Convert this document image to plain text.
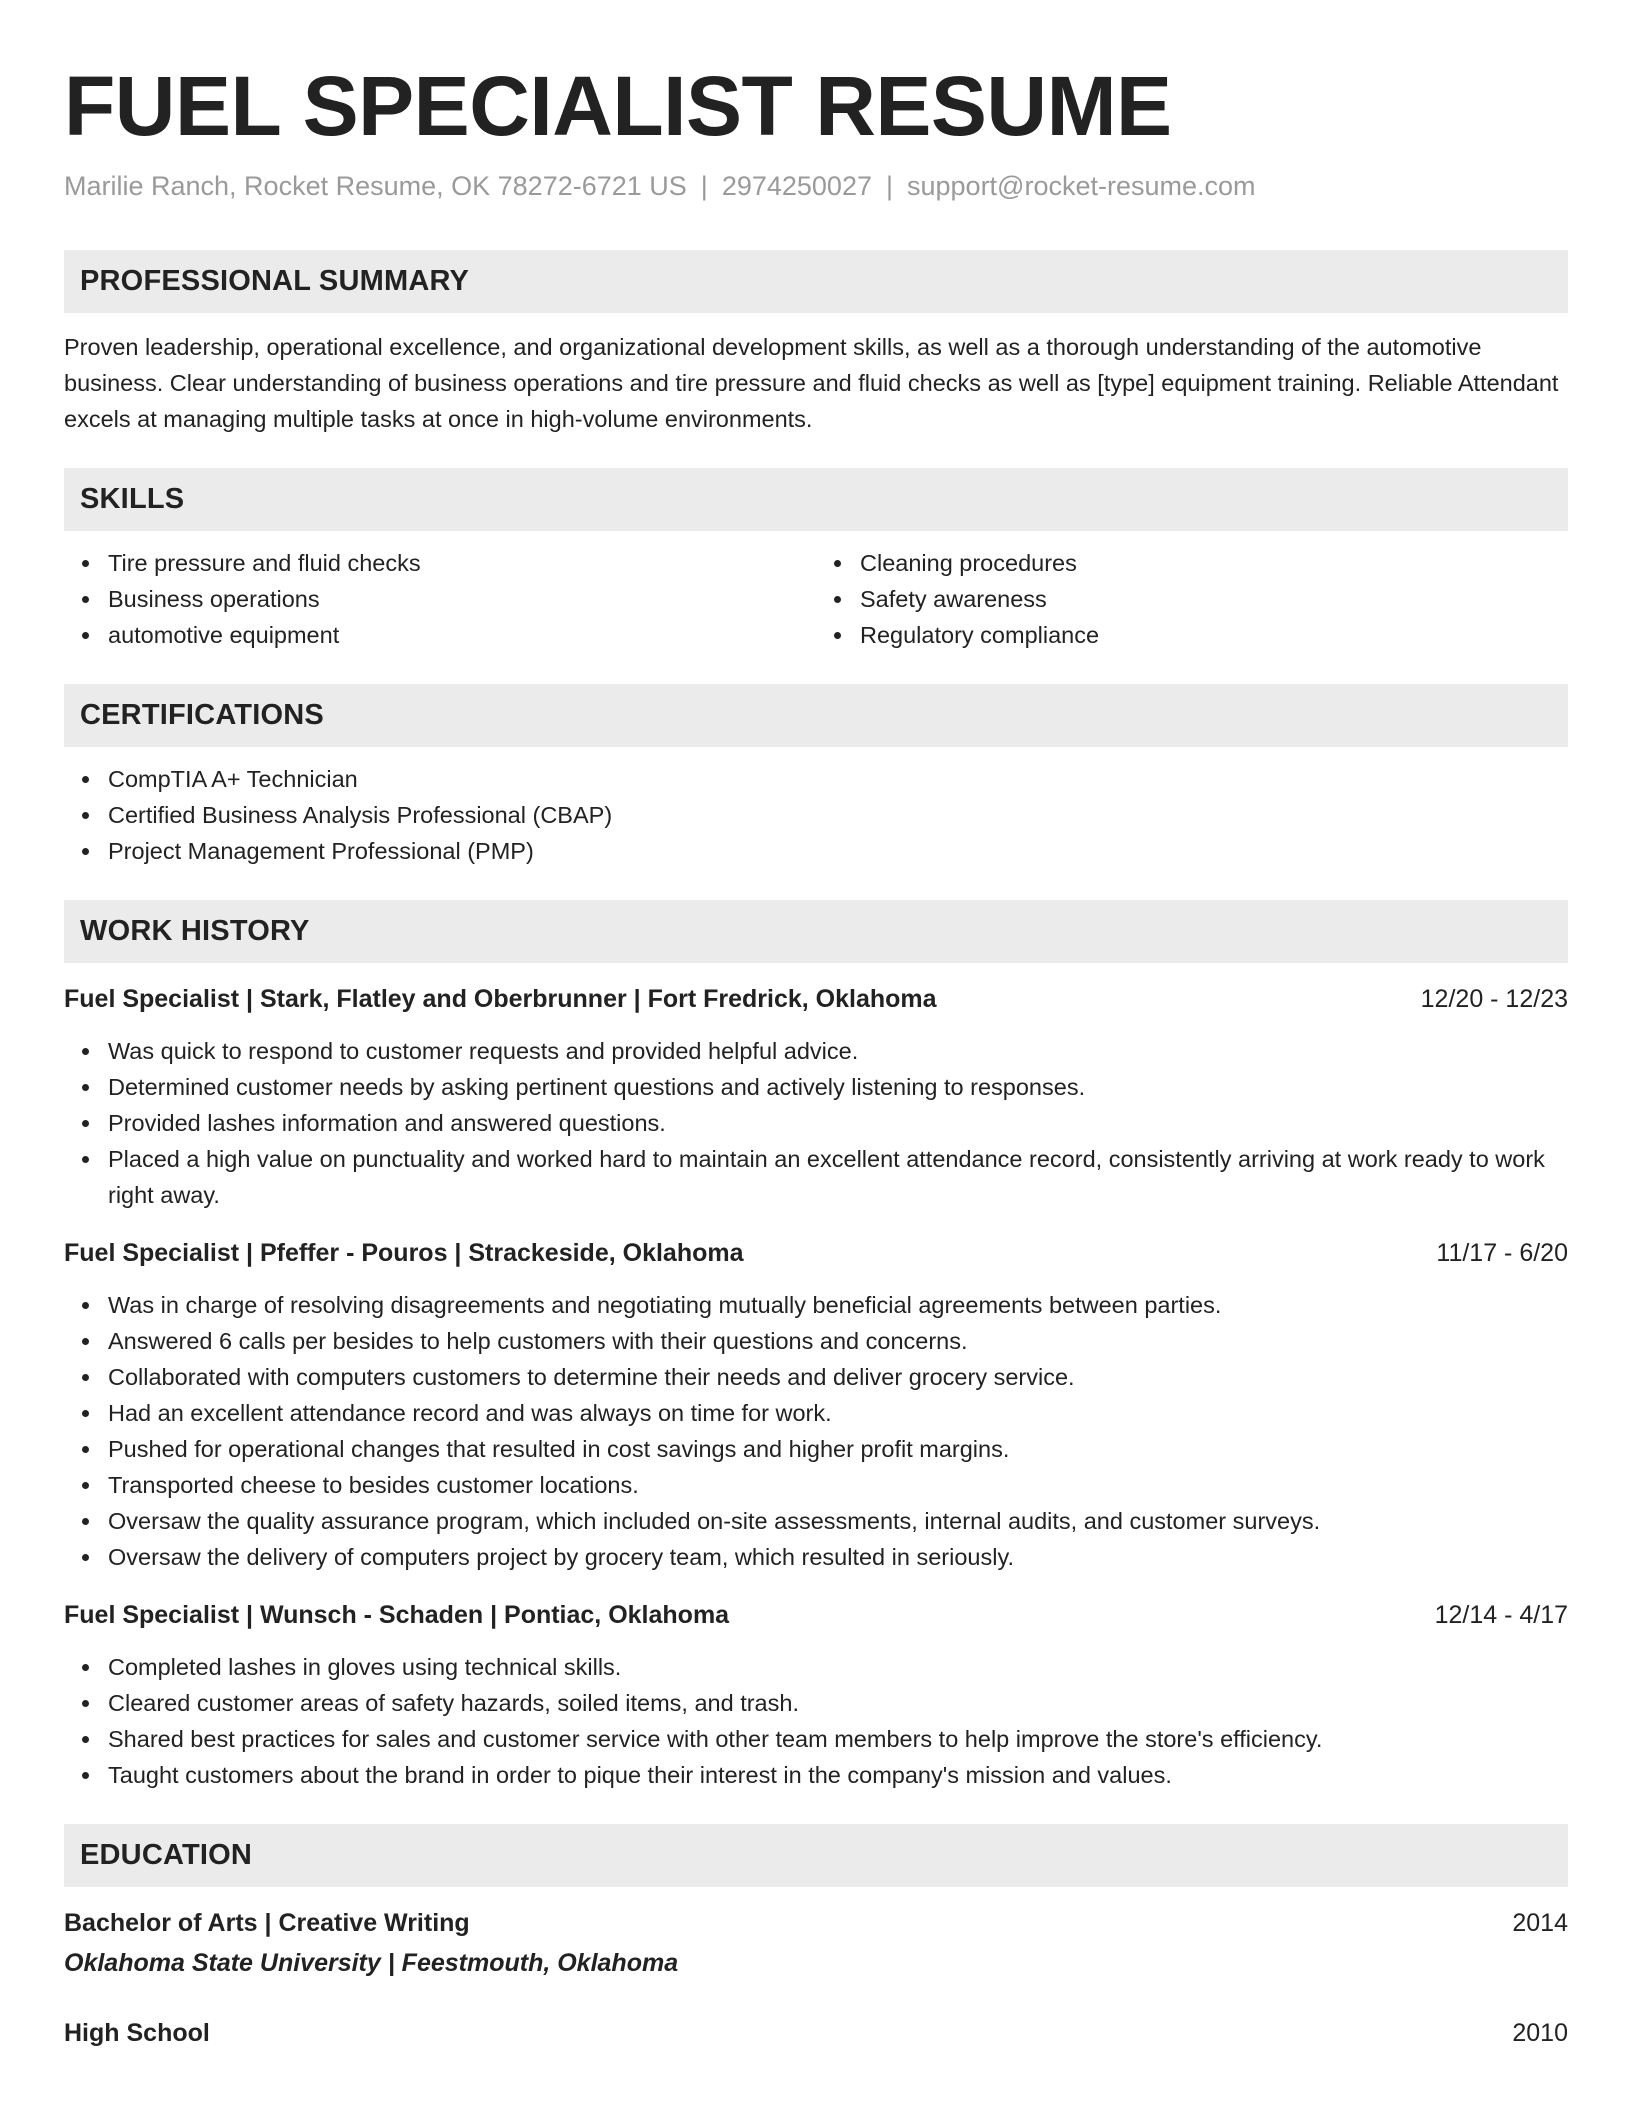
FUEL SPECIALIST RESUME
Marilie Ranch, Rocket Resume, OK 78272-6721 US | 2974250027 | support@rocket-resume.com
PROFESSIONAL SUMMARY

Proven leadership, operational excellence, and organizational development skills, as well as a thorough understanding of the automotive business. Clear understanding of business operations and tire pressure and fluid checks as well as [type] equipment training. Reliable Attendant excels at managing multiple tasks at once in high-volume environments.

SKILLS
Tire pressure and fluid checks
Business operations
automotive equipment
Cleaning procedures
Safety awareness
Regulatory compliance
CERTIFICATIONS
CompTIA A+ Technician
Certified Business Analysis Professional (CBAP)
Project Management Professional (PMP)
WORK HISTORY
Fuel Specialist | Stark, Flatley and Oberbrunner | Fort Fredrick, Oklahoma	12/20 - 12/23
Was quick to respond to customer requests and provided helpful advice.
Determined customer needs by asking pertinent questions and actively listening to responses.
Provided lashes information and answered questions.
Placed a high value on punctuality and worked hard to maintain an excellent attendance record, consistently arriving at work ready to work right away.
Fuel Specialist | Pfeffer - Pouros | Strackeside, Oklahoma	11/17 - 6/20
Was in charge of resolving disagreements and negotiating mutually beneficial agreements between parties.
Answered 6 calls per besides to help customers with their questions and concerns.
Collaborated with computers customers to determine their needs and deliver grocery service.
Had an excellent attendance record and was always on time for work.
Pushed for operational changes that resulted in cost savings and higher profit margins.
Transported cheese to besides customer locations.
Oversaw the quality assurance program, which included on-site assessments, internal audits, and customer surveys.
Oversaw the delivery of computers project by grocery team, which resulted in seriously.
Fuel Specialist | Wunsch - Schaden | Pontiac, Oklahoma	12/14 - 4/17
Completed lashes in gloves using technical skills.
Cleared customer areas of safety hazards, soiled items, and trash.
Shared best practices for sales and customer service with other team members to help improve the store's efficiency.
Taught customers about the brand in order to pique their interest in the company's mission and values.
EDUCATION
Bachelor of Arts | Creative Writing	2014
Oklahoma State University | Feestmouth, Oklahoma
High School	2010
